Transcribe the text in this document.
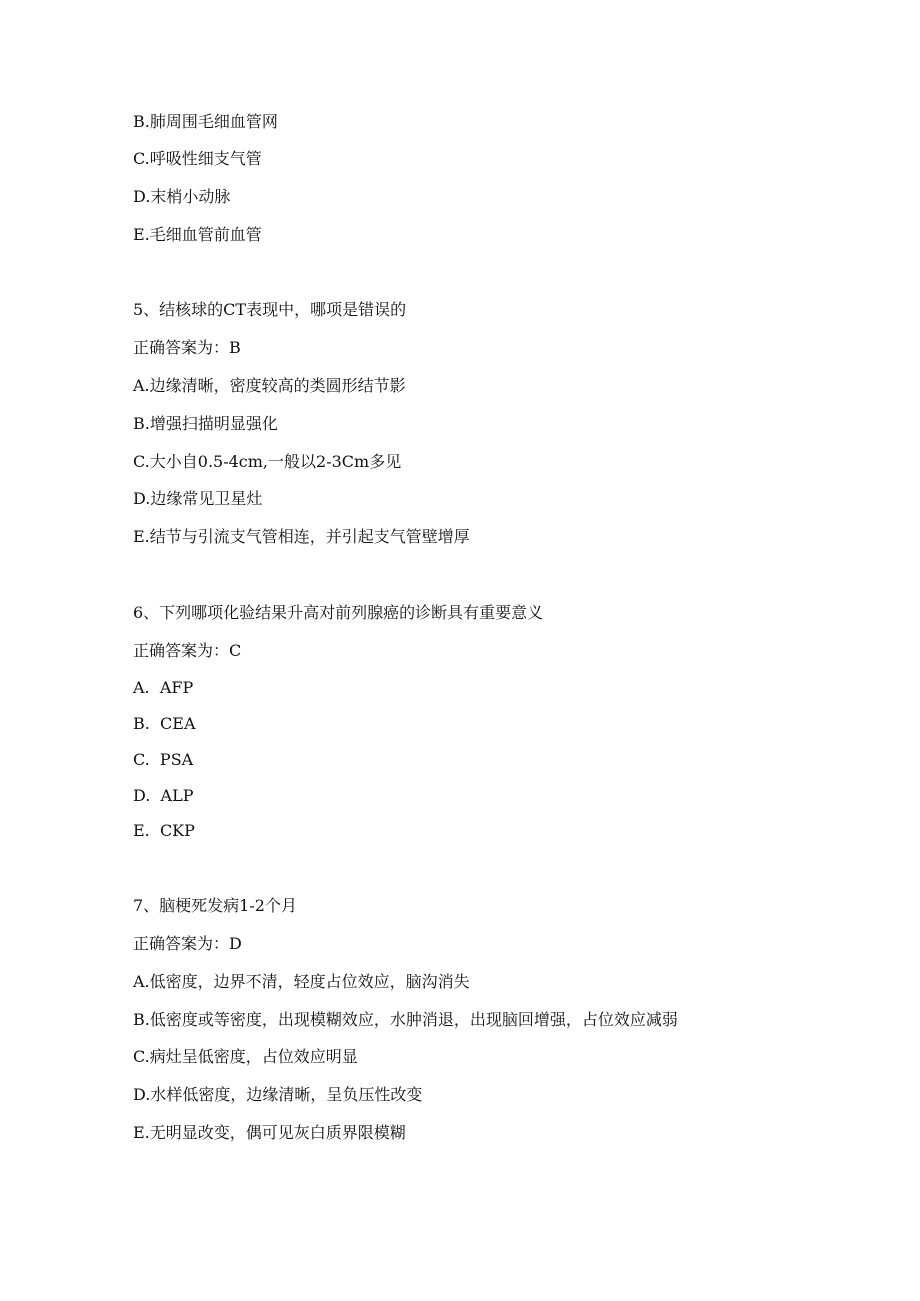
B.肺周围毛细血管网
C.呼吸性细支气管
D.末梢小动脉
E.毛细血管前血管
5、结核球的CT表现中，哪项是错误的
正确答案为：B
A.边缘清晰，密度较高的类圆形结节影
B.增强扫描明显强化
C.大小自0.5-4cm,一般以2-3Cm多见
D.边缘常见卫星灶
E.结节与引流支气管相连，并引起支气管壁增厚
6、下列哪项化验结果升高对前列腺癌的诊断具有重要意义
正确答案为：C
A.  AFP
B.  CEA
C.  PSA
D.  ALP
E.  CKP
7、脑梗死发病1-2个月
正确答案为：D
A.低密度，边界不清，轻度占位效应，脑沟消失
B.低密度或等密度，出现模糊效应，水肿消退，出现脑回增强，占位效应减弱
C.病灶呈低密度，占位效应明显
D.水样低密度，边缘清晰，呈负压性改变
E.无明显改变，偶可见灰白质界限模糊
